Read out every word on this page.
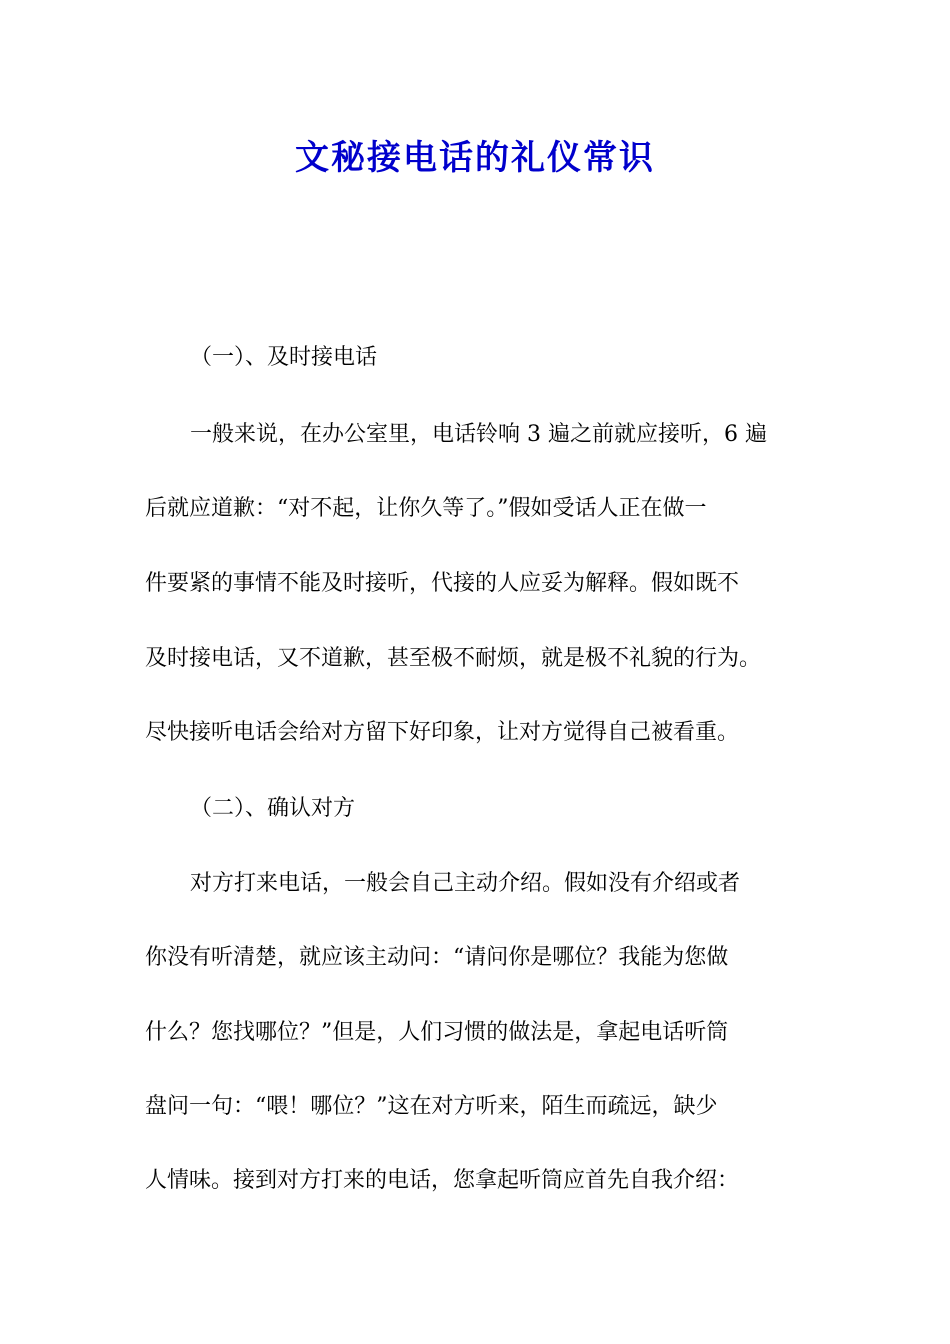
文秘接电话的礼仪常识

（一）、及时接电话

一般来说，在办公室里，电话铃响 3 遍之前就应接听，6 遍

后就应道歉：“对不起，让你久等了。”假如受话人正在做一

件要紧的事情不能及时接听，代接的人应妥为解释。假如既不

及时接电话，又不道歉，甚至极不耐烦，就是极不礼貌的行为。

尽快接听电话会给对方留下好印象，让对方觉得自己被看重。

（二）、确认对方

对方打来电话，一般会自己主动介绍。假如没有介绍或者

你没有听清楚，就应该主动问：“请问你是哪位？我能为您做

什么？您找哪位？”但是，人们习惯的做法是，拿起电话听筒

盘问一句：“喂！哪位？”这在对方听来，陌生而疏远，缺少

人情味。接到对方打来的电话，您拿起听筒应首先自我介绍：
